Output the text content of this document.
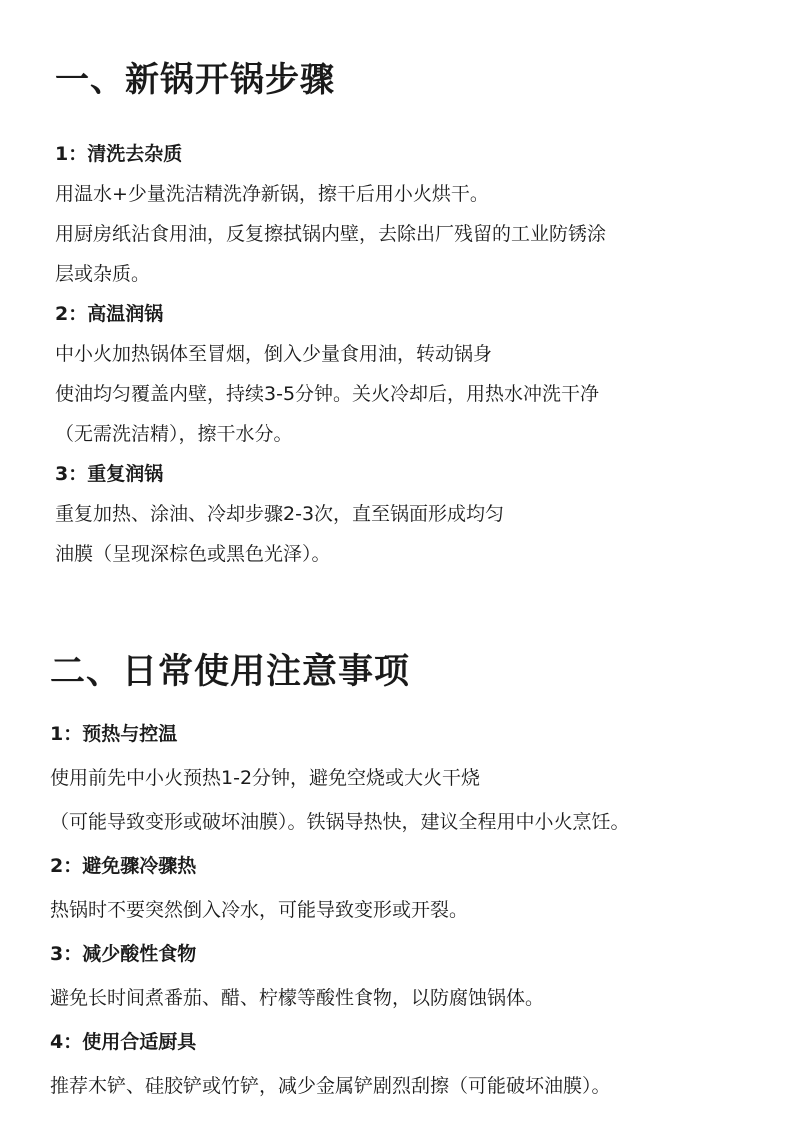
一、新锅开锅步骤

1：清洗去杂质

用温水+少量洗洁精洗净新锅，擦干后用小火烘干。

用厨房纸沾食用油，反复擦拭锅内壁，去除出厂残留的工业防锈涂

层或杂质。

2：高温润锅

中小火加热锅体至冒烟，倒入少量食用油，转动锅身

使油均匀覆盖内壁，持续3-5分钟。关火冷却后，用热水冲洗干净

（无需洗洁精），擦干水分。

3：重复润锅

重复加热、涂油、冷却步骤2-3次，直至锅面形成均匀

油膜（呈现深棕色或黑色光泽）。

二、日常使用注意事项

1：预热与控温

使用前先中小火预热1-2分钟，避免空烧或大火干烧

（可能导致变形或破坏油膜）。铁锅导热快，建议全程用中小火烹饪。

2：避免骤冷骤热

热锅时不要突然倒入冷水，可能导致变形或开裂。

3：减少酸性食物

避免长时间煮番茄、醋、柠檬等酸性食物，以防腐蚀锅体。

4：使用合适厨具

推荐木铲、硅胶铲或竹铲，减少金属铲剧烈刮擦（可能破坏油膜）。
